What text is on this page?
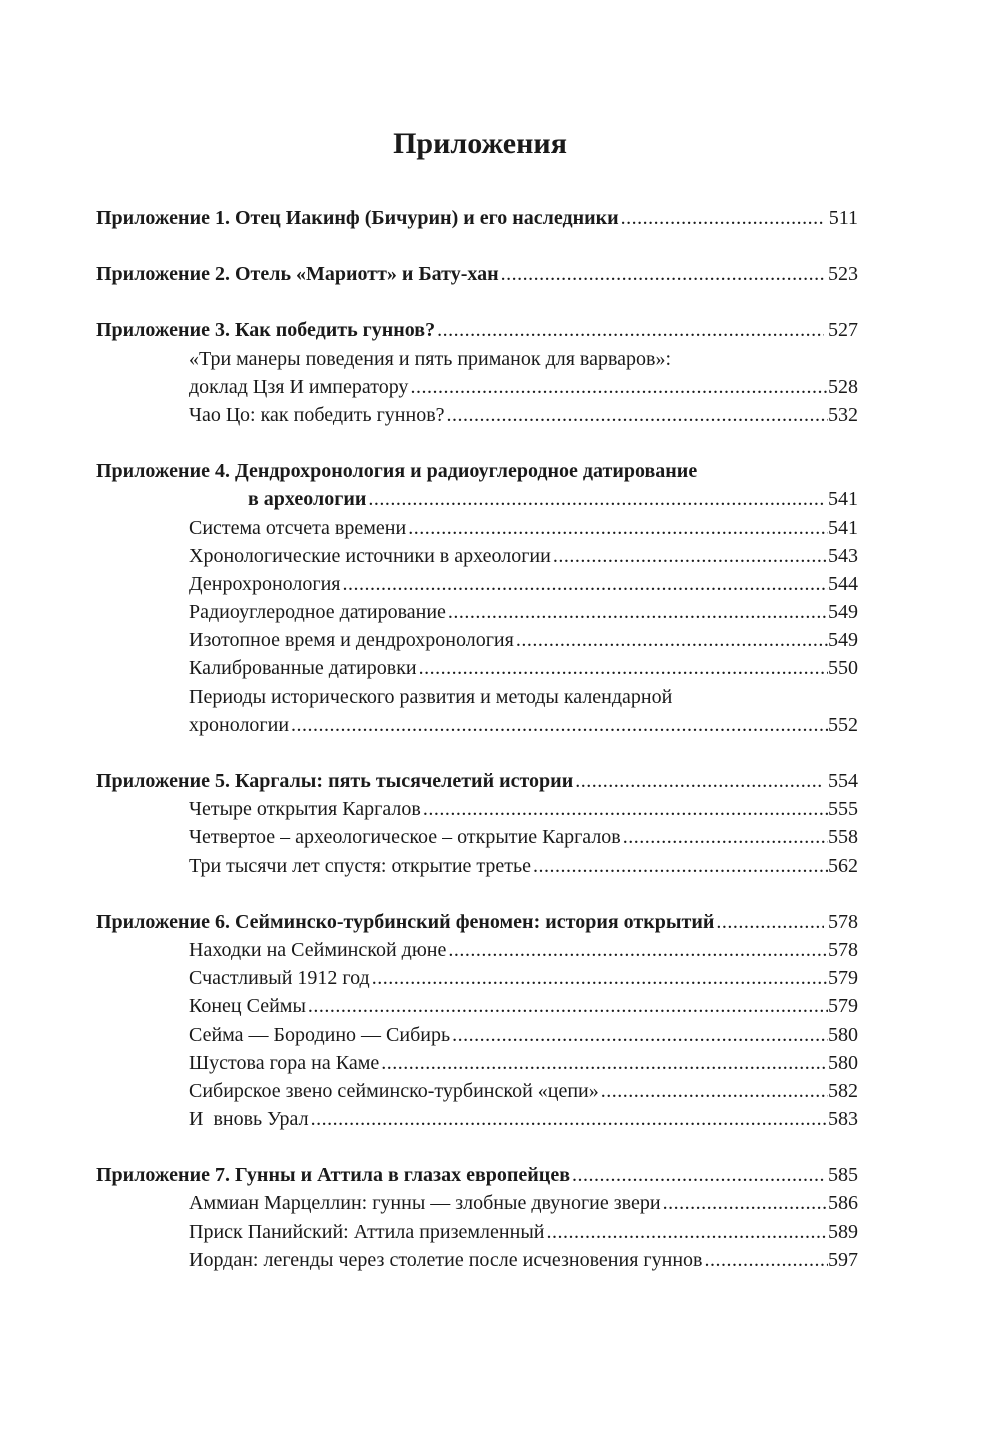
Приложения
Приложение 1. Отец Иакинф (Бичурин) и его наследники .....	511
Приложение 2. Отель «Мариотт» и Бату-хан .....	523
Приложение 3. Как победить гуннов? .....	527
«Три манеры поведения и пять приманок для варваров»:
доклад Цзя И императору .....	528
Чао Цо: как победить гуннов? .....	532
Приложение 4. Дендрохронология и радиоуглеродное датирование
в археологии .....	541
Система отсчета времени .....	541
Хронологические источники в археологии .....	543
Денрохронология .....	544
Радиоуглеродное датирование .....	549
Изотопное время и дендрохронология .....	549
Калиброванные датировки .....	550
Периоды исторического развития и методы календарной
хронологии .....	552
Приложение 5. Каргалы: пять тысячелетий истории .....	554
Четыре открытия Каргалов .....	555
Четвертое – археологическое – открытие Каргалов .....	558
Три тысячи лет спустя: открытие третье .....	562
Приложение 6. Сейминско-турбинский феномен: история открытий .....	578
Находки на Сейминской дюне .....	578
Счастливый 1912 год .....	579
Конец Сеймы .....	579
Сейма — Бородино — Сибирь .....	580
Шустова гора на Каме .....	580
Сибирское звено сейминско-турбинской «цепи» .....	582
И  вновь Урал .....	583
Приложение 7. Гунны и Аттила в глазах европейцев .....	585
Аммиан Марцеллин: гунны — злобные двуногие звери .....	586
Приск Панийский: Аттила приземленный .....	589
Иордан: легенды через столетие после исчезновения гуннов .....	597
